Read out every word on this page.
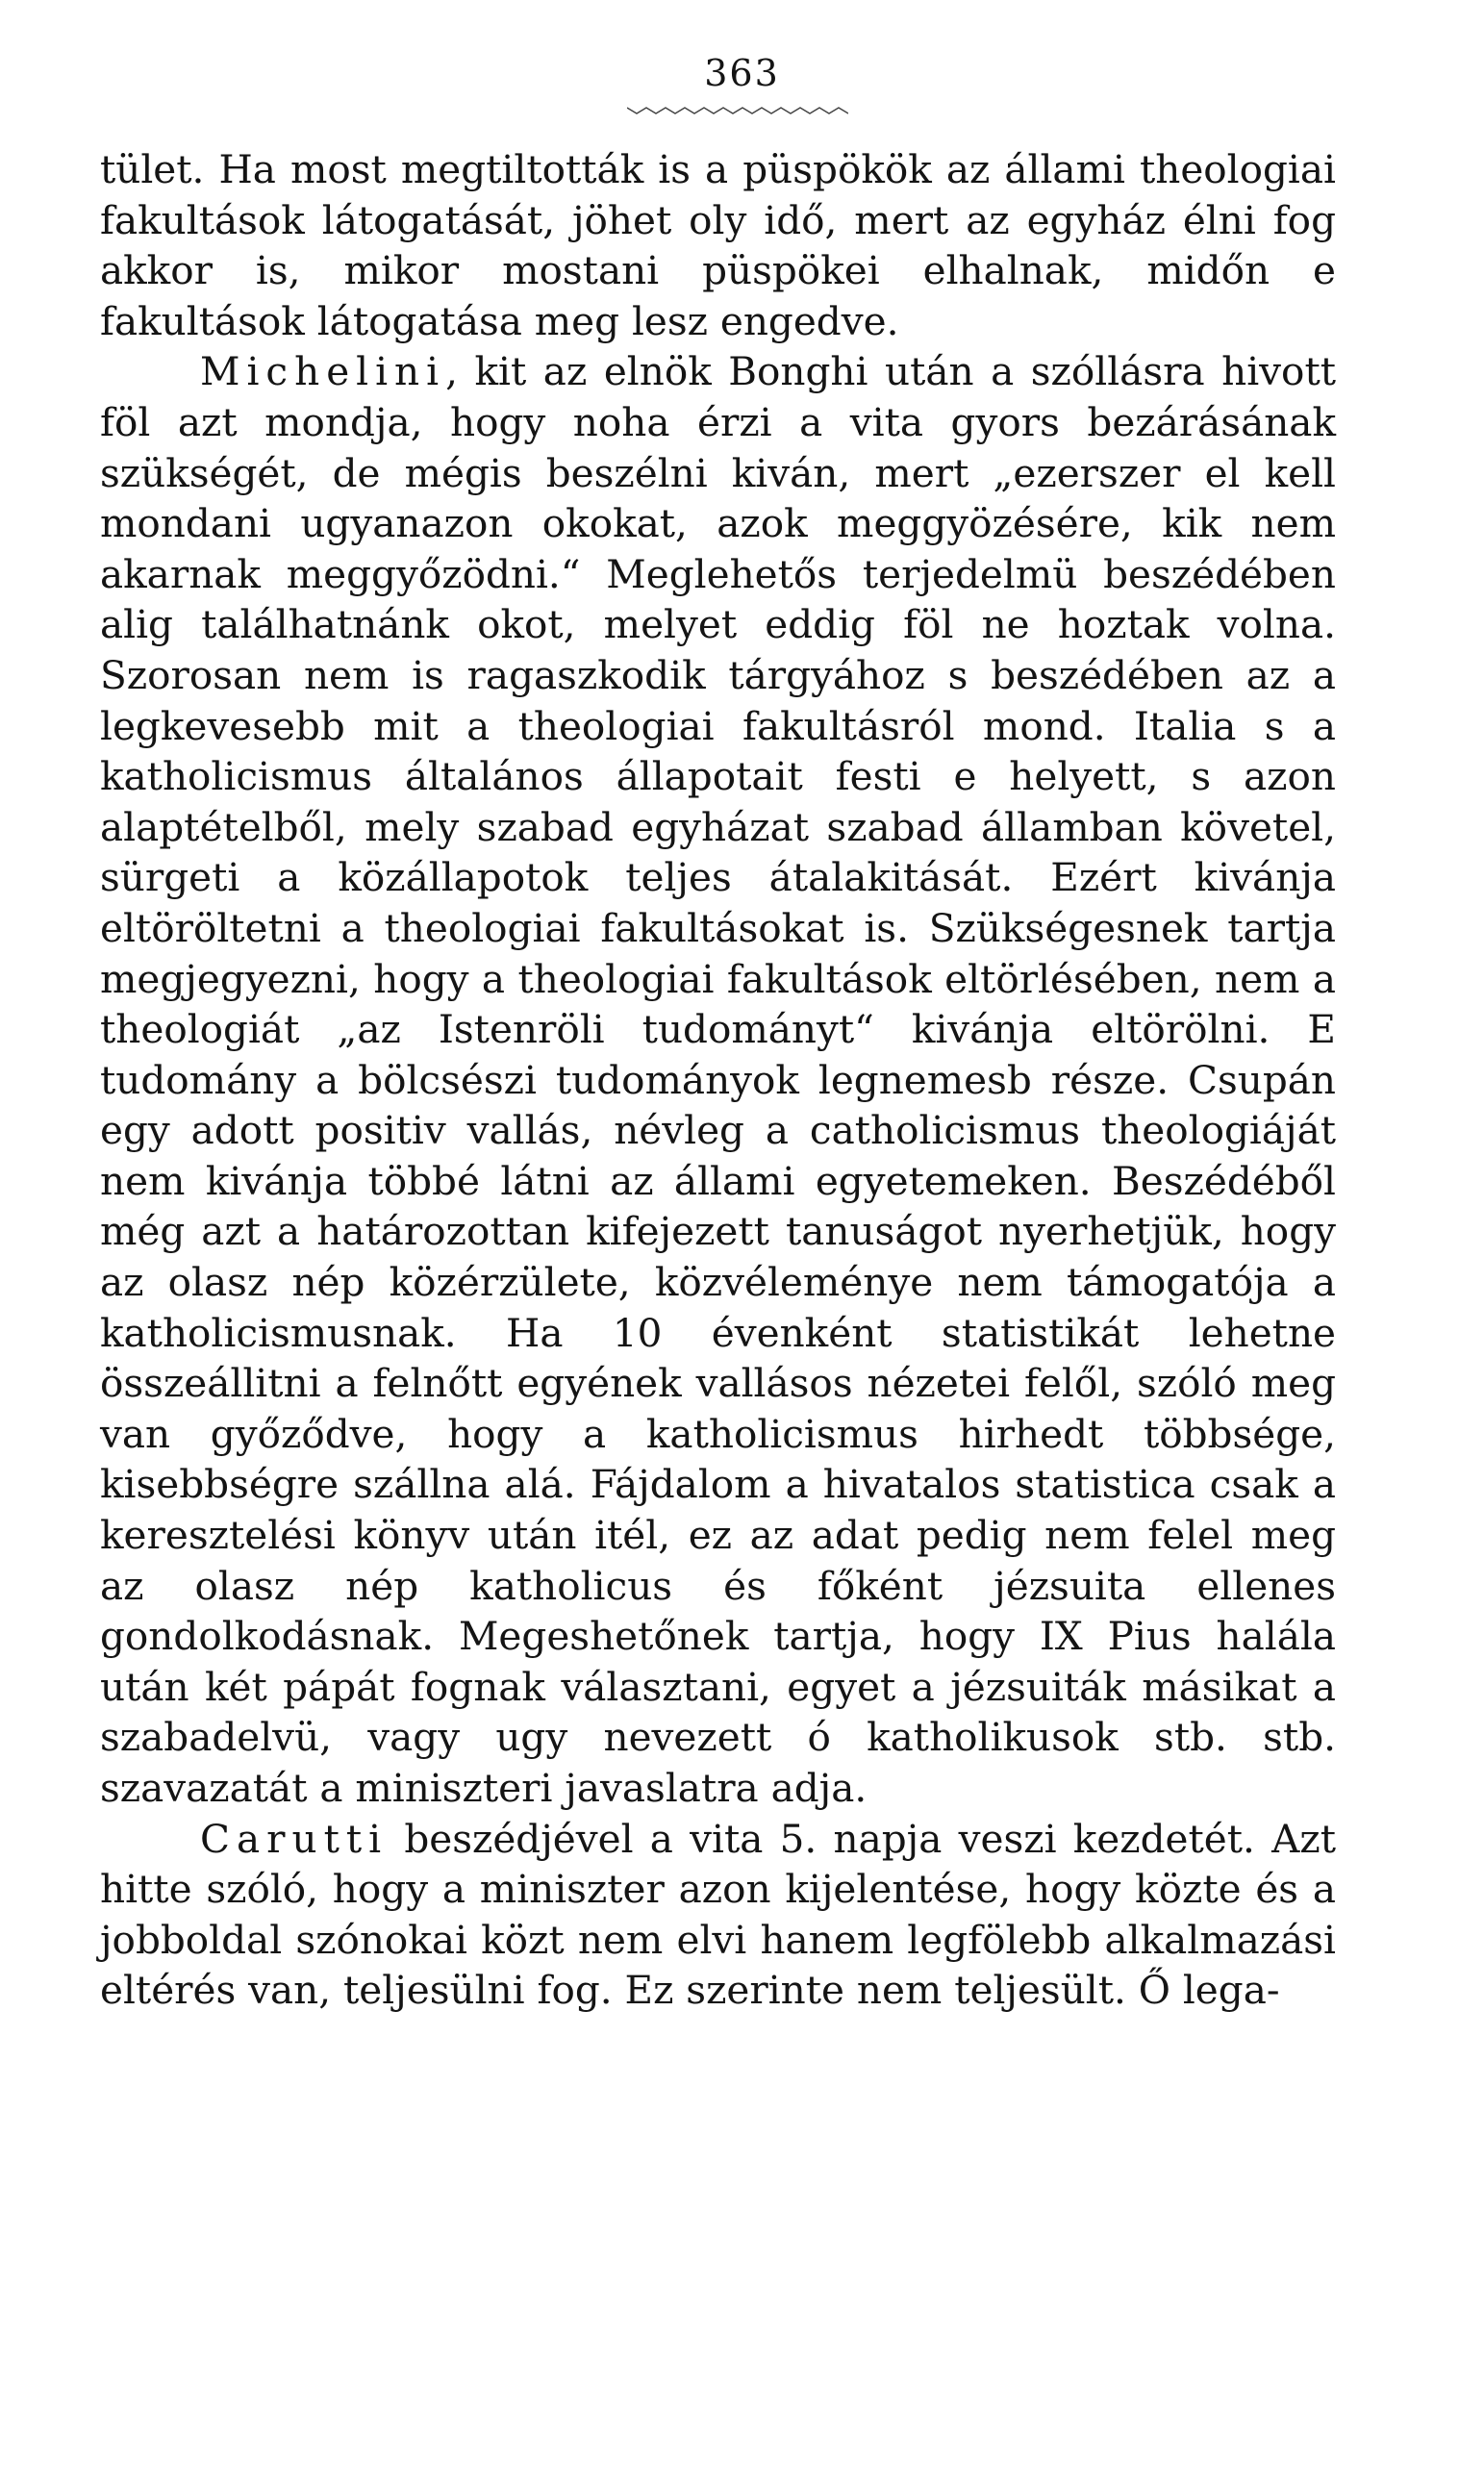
363

tület. Ha most megtiltották is a püspökök az állami theologiai fakultások látogatását, jöhet oly idő, mert az egyház élni fog akkor is, mikor mostani püspökei elhalnak, midőn e fakultások látogatása meg lesz engedve.

Michelini, kit az elnök Bonghi után a szóllásra hivott föl azt mondja, hogy noha érzi a vita gyors bezárásának szükségét, de mégis beszélni kiván, mert „ezerszer el kell mondani ugyanazon okokat, azok meggyözésére, kik nem akarnak meggyőzödni.“ Meglehetős terjedelmü beszédében alig találhatnánk okot, melyet eddig föl ne hoztak volna. Szorosan nem is ragaszkodik tárgyához s beszédében az a legkevesebb mit a theologiai fakultásról mond. Italia s a katholicismus általános állapotait festi e helyett, s azon alaptételből, mely szabad egyházat szabad államban követel, sürgeti a közállapotok teljes átalakitását. Ezért kivánja eltöröltetni a theologiai fakultásokat is. Szükségesnek tartja megjegyezni, hogy a theologiai fakultások eltörlésében, nem a theologiát „az Istenröli tudományt“ kivánja eltörölni. E tudomány a bölcsészi tudományok legnemesb része. Csupán egy adott positiv vallás, névleg a catholicismus theologiáját nem kivánja többé látni az állami egyetemeken. Beszédéből még azt a határozottan kifejezett tanuságot nyerhetjük, hogy az olasz nép közérzülete, közvéleménye nem támogatója a katholicismusnak. Ha 10 évenként statistikát lehetne összeállitni a felnőtt egyének vallásos nézetei felől, szóló meg van győződve, hogy a katholicismus hirhedt többsége, kisebbségre szállna alá. Fájdalom a hivatalos statistica csak a keresztelési könyv után itél, ez az adat pedig nem felel meg az olasz nép katholicus és főként jézsuita ellenes gondolkodásnak. Megeshetőnek tartja, hogy IX Pius halála után két pápát fognak választani, egyet a jézsuiták másikat a szabadelvü, vagy ugy nevezett ó katholikusok stb. stb. szavazatát a miniszteri javaslatra adja.

Carutti beszédjével a vita 5. napja veszi kezdetét. Azt hitte szóló, hogy a miniszter azon kijelentése, hogy közte és a jobboldal szónokai közt nem elvi hanem legfölebb alkalmazási eltérés van, teljesülni fog. Ez szerinte nem teljesült. Ő lega-
